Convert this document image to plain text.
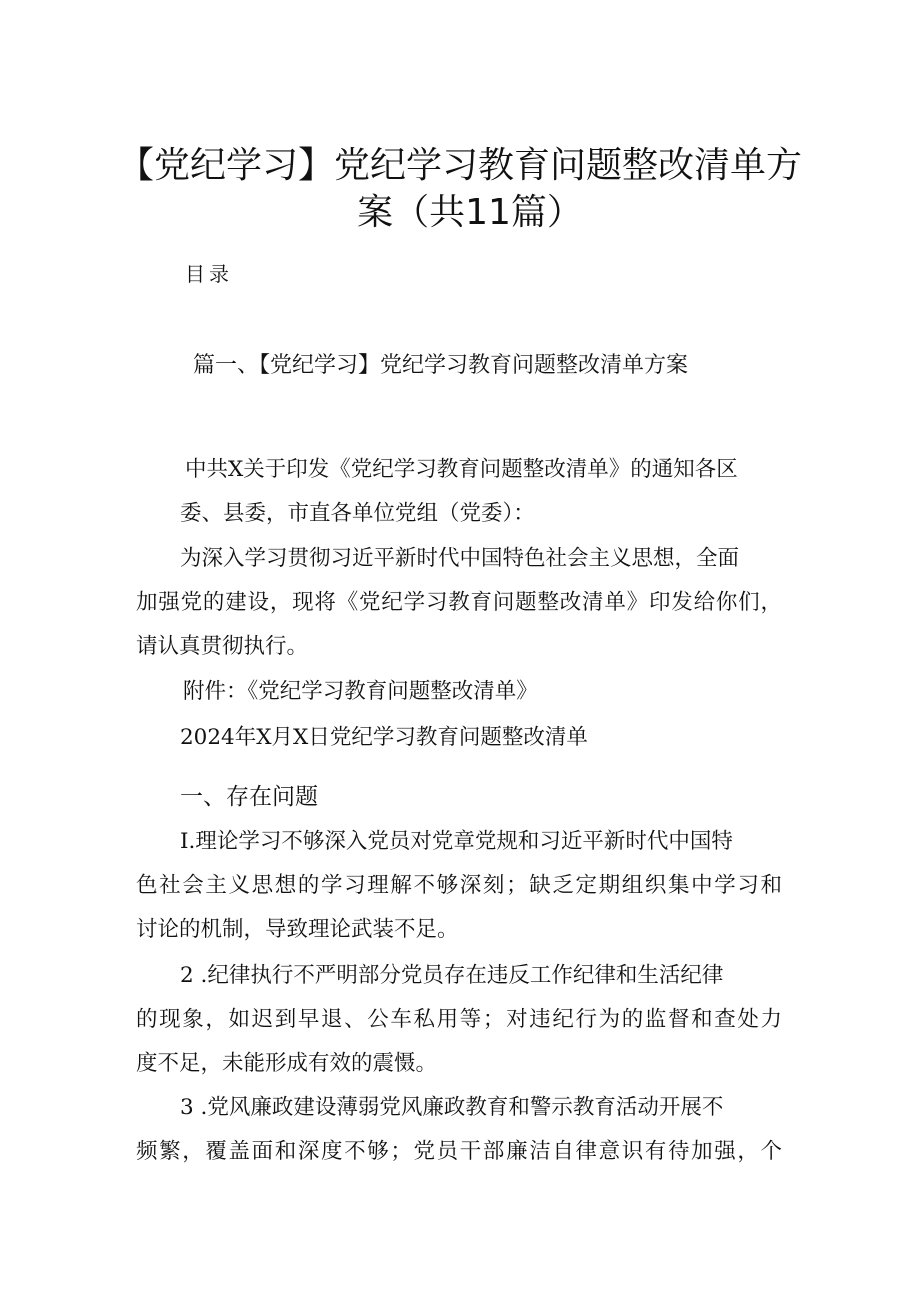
【党纪学习】党纪学习教育问题整改清单方
案（共11篇）
目录
篇一、【党纪学习】党纪学习教育问题整改清单方案
中共X关于印发《党纪学习教育问题整改清单》的通知各区
委、县委，市直各单位党组（党委）：
为深入学习贯彻习近平新时代中国特色社会主义思想，全面
加强党的建设，现将《党纪学习教育问题整改清单》印发给你们，
请认真贯彻执行。
附件：《党纪学习教育问题整改清单》
2024年X月X日党纪学习教育问题整改清单
一、存在问题
I.理论学习不够深入党员对党章党规和习近平新时代中国特
色社会主义思想的学习理解不够深刻；缺乏定期组织集中学习和
讨论的机制，导致理论武装不足。
2 .纪律执行不严明部分党员存在违反工作纪律和生活纪律
的现象，如迟到早退、公车私用等；对违纪行为的监督和查处力
度不足，未能形成有效的震慑。
3 .党风廉政建设薄弱党风廉政教育和警示教育活动开展不
频繁，覆盖面和深度不够；党员干部廉洁自律意识有待加强，个
